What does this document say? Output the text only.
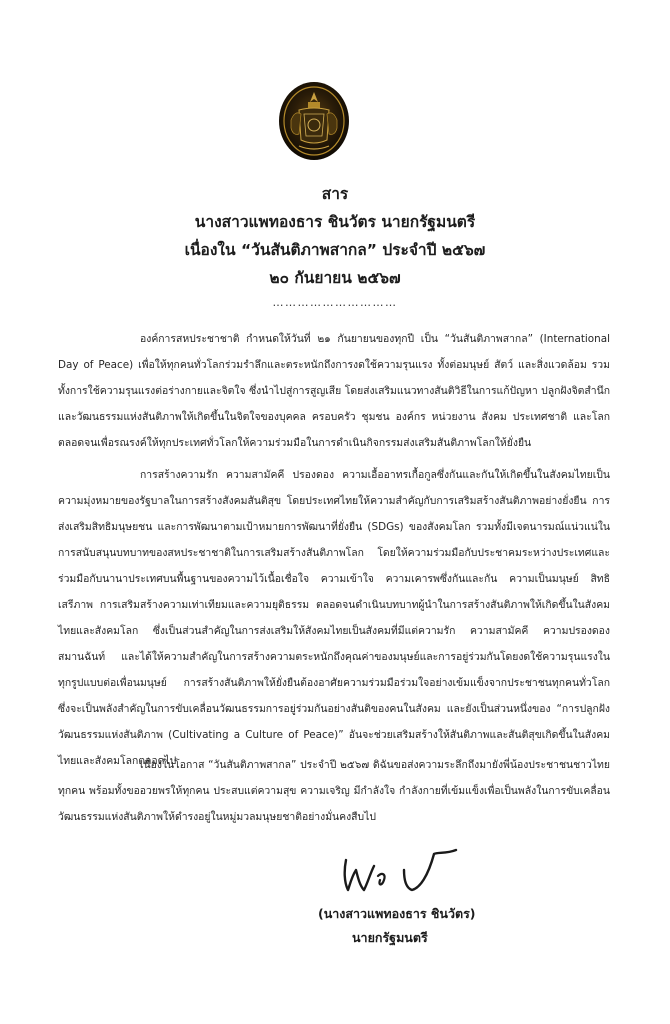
สาร
นางสาวแพทองธาร ชินวัตร นายกรัฐมนตรี
เนื่องใน “วันสันติภาพสากล” ประจำปี ๒๕๖๗
๒๐ กันยายน ๒๕๖๗
…………………………

องค์การสหประชาชาติ กำหนดให้วันที่ ๒๑ กันยายนของทุกปี เป็น “วันสันติภาพสากล” (International Day of Peace) เพื่อให้ทุกคนทั่วโลกร่วมรำลึกและตระหนักถึงการงดใช้ความรุนแรง ทั้งต่อมนุษย์ สัตว์ และสิ่งแวดล้อม รวมทั้งการใช้ความรุนแรงต่อร่างกายและจิตใจ ซึ่งนำไปสู่การสูญเสีย โดยส่งเสริมแนวทางสันติวิธีในการแก้ปัญหา ปลูกฝังจิตสำนึกและวัฒนธรรมแห่งสันติภาพให้เกิดขึ้นในจิตใจของบุคคล ครอบครัว ชุมชน องค์กร หน่วยงาน สังคม ประเทศชาติ และโลก ตลอดจนเพื่อรณรงค์ให้ทุกประเทศทั่วโลกให้ความร่วมมือในการดำเนินกิจกรรมส่งเสริมสันติภาพโลกให้ยั่งยืน

การสร้างความรัก ความสามัคคี ปรองดอง ความเอื้ออาทรเกื้อกูลซึ่งกันและกันให้เกิดขึ้นในสังคมไทยเป็นความมุ่งหมายของรัฐบาลในการสร้างสังคมสันติสุข โดยประเทศไทยให้ความสำคัญกับการเสริมสร้างสันติภาพอย่างยั่งยืน การส่งเสริมสิทธิมนุษยชน และการพัฒนาตามเป้าหมายการพัฒนาที่ยั่งยืน (SDGs) ของสังคมโลก รวมทั้งมีเจตนารมณ์แน่วแน่ในการสนับสนุนบทบาทของสหประชาชาติในการเสริมสร้างสันติภาพโลก โดยให้ความร่วมมือกับประชาคมระหว่างประเทศและร่วมมือกับนานาประเทศบนพื้นฐานของความไว้เนื้อเชื่อใจ ความเข้าใจ ความเคารพซึ่งกันและกัน ความเป็นมนุษย์ สิทธิเสรีภาพ การเสริมสร้างความเท่าเทียมและความยุติธรรม ตลอดจนดำเนินบทบาทผู้นำในการสร้างสันติภาพให้เกิดขึ้นในสังคมไทยและสังคมโลก ซึ่งเป็นส่วนสำคัญในการส่งเสริมให้สังคมไทยเป็นสังคมที่มีแต่ความรัก ความสามัคคี ความปรองดอง สมานฉันท์ และได้ให้ความสำคัญในการสร้างความตระหนักถึงคุณค่าของมนุษย์และการอยู่ร่วมกันโดยงดใช้ความรุนแรงในทุกรูปแบบต่อเพื่อนมนุษย์ การสร้างสันติภาพให้ยั่งยืนต้องอาศัยความร่วมมือร่วมใจอย่างเข้มแข็งจากประชาชนทุกคนทั่วโลก ซึ่งจะเป็นพลังสำคัญในการขับเคลื่อนวัฒนธรรมการอยู่ร่วมกันอย่างสันติของคนในสังคม และยังเป็นส่วนหนึ่งของ “การปลูกฝังวัฒนธรรมแห่งสันติภาพ (Cultivating a Culture of Peace)” อันจะช่วยเสริมสร้างให้สันติภาพและสันติสุขเกิดขึ้นในสังคมไทยและสังคมโลกตลอดไป

เนื่องในโอกาส “วันสันติภาพสากล” ประจำปี ๒๕๖๗ ดิฉันขอส่งความระลึกถึงมายังพี่น้องประชาชนชาวไทยทุกคน พร้อมทั้งขออวยพรให้ทุกคน ประสบแต่ความสุข ความเจริญ มีกำลังใจ กำลังกายที่เข้มแข็งเพื่อเป็นพลังในการขับเคลื่อนวัฒนธรรมแห่งสันติภาพให้ดำรงอยู่ในหมู่มวลมนุษยชาติอย่างมั่นคงสืบไป

(นางสาวแพทองธาร ชินวัตร)
นายกรัฐมนตรี
